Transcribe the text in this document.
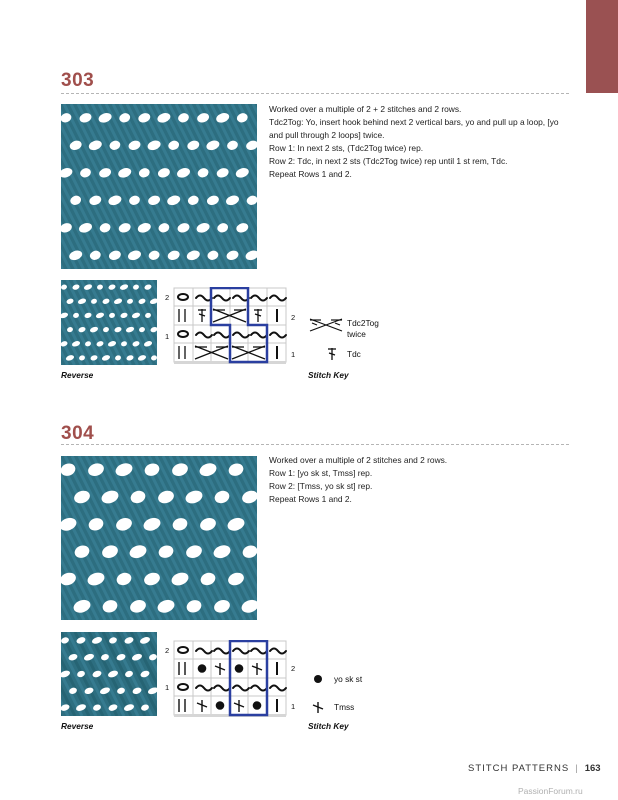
303

Worked over a multiple of 2 + 2 stitches and 2 rows.

Tdc2Tog: Yo, insert hook behind next 2 vertical bars, yo and pull up a loop, [yo and pull through 2 loops] twice.

Row 1: In next 2 sts, (Tdc2Tog twice) rep.

Row 2: Tdc, in next 2 sts (Tdc2Tog twice) rep until 1 st rem, Tdc.

Repeat Rows 1 and 2.

Reverse
2
2
1
1
Tdc2Tog twice
Tdc
Stitch Key
304

Worked over a multiple of 2 stitches and 2 rows.

Row 1: [yo sk st, Tmss] rep.

Row 2: [Tmss, yo sk st] rep.

Repeat Rows 1 and 2.

Reverse
2
2
1
1
yo sk st
Tmss
Stitch Key
STITCH PATTERNS | 163
PassionForum.ru
